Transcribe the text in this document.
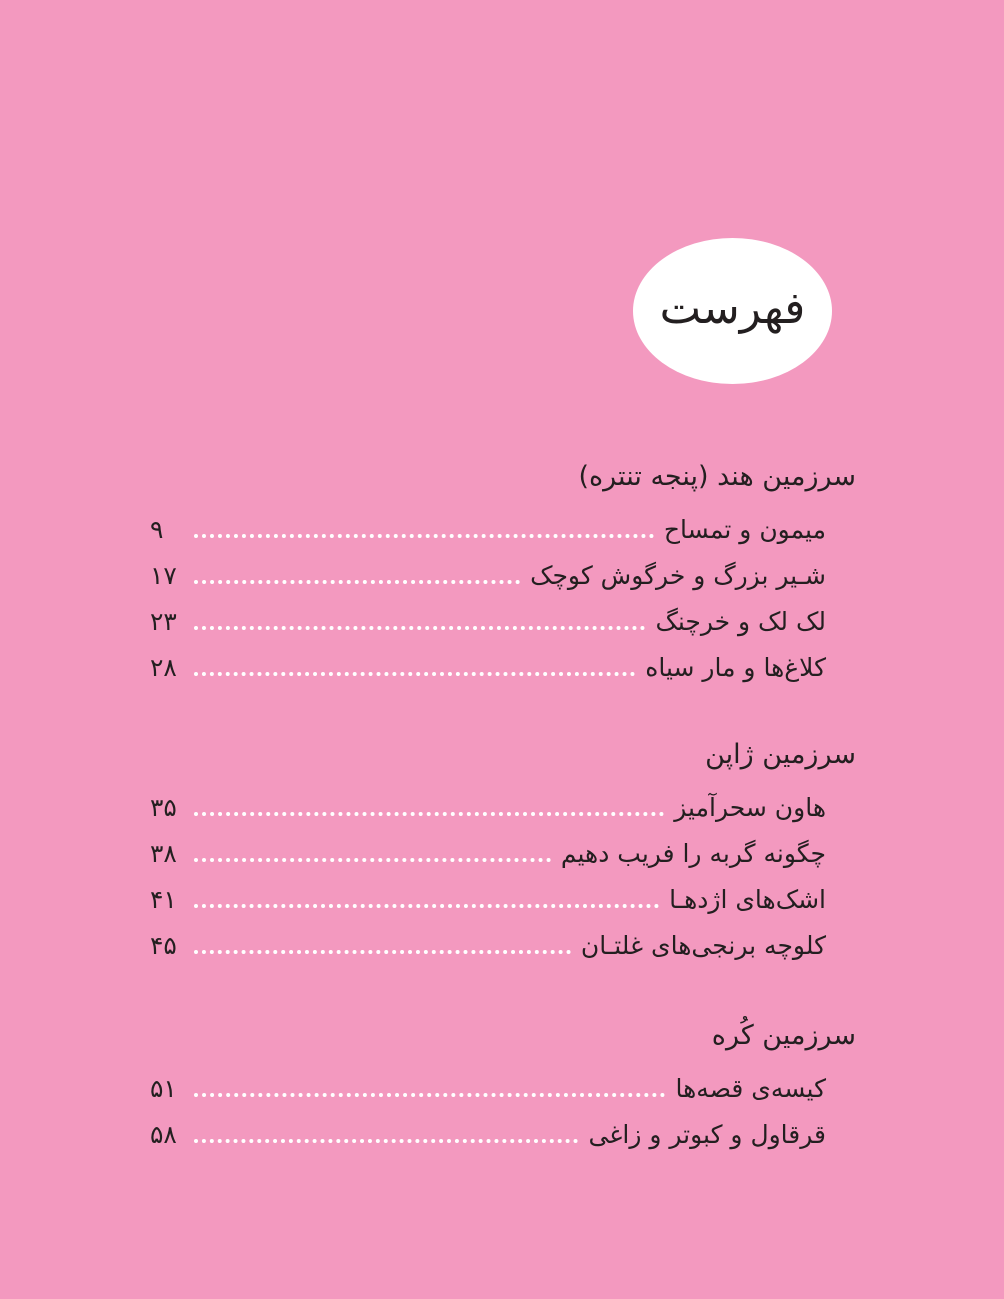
فهرست
سرزمین هند (پنجه تنتره)
میمون و تمساح
۹
شـیر بزرگ و خرگوش کوچک
۱۷
لک لک و خرچنگ
۲۳
کلاغ‌ها و مار سیاه
۲۸
سرزمین ژاپن
هاون سحرآمیز
۳۵
چگونه گربه را فریب دهیم
۳۸
اشک‌های اژدهـا
۴۱
کلوچه برنجی‌های غلتـان
۴۵
سرزمین کُره
کیسه‌ی قصه‌ها
۵۱
قرقاول و کبوتر و زاغی
۵۸
